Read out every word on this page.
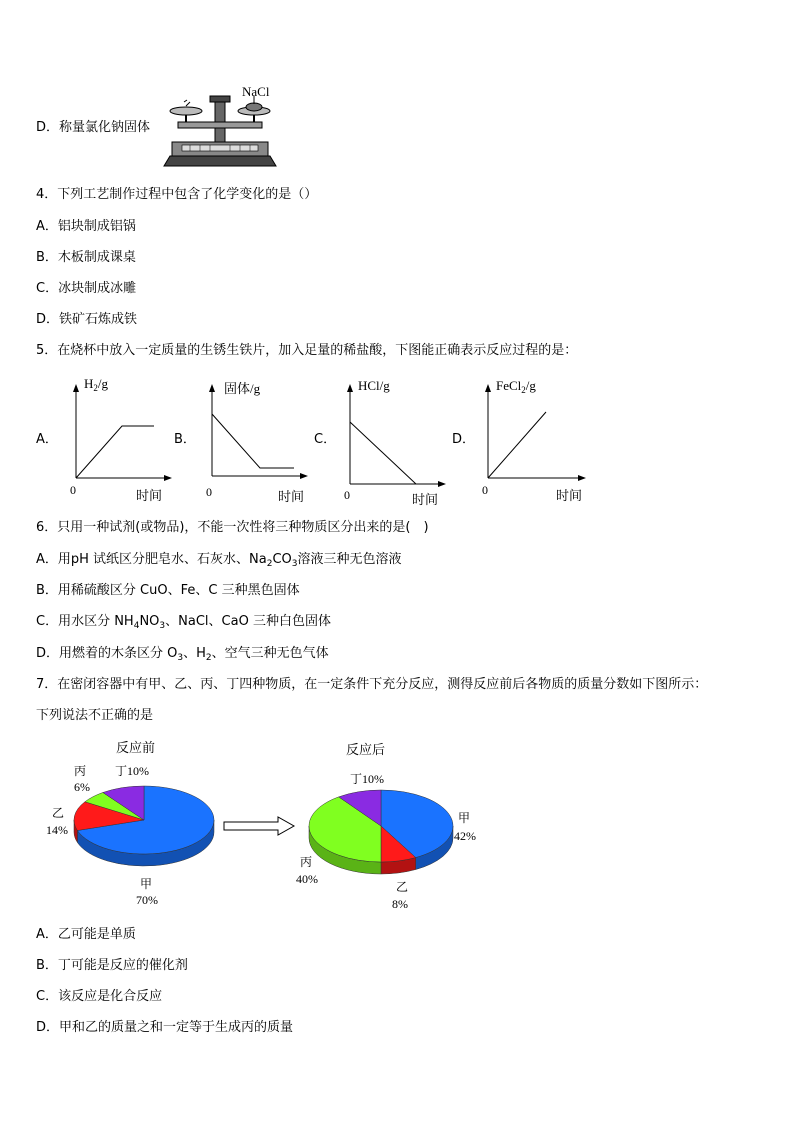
D．称量氯化钠固体
NaCl
4．下列工艺制作过程中包含了化学变化的是（）
A．铝块制成铝锅
B．木板制成课桌
C．冰块制成冰雕
D．铁矿石炼成铁
5．在烧杯中放入一定质量的生锈生铁片，加入足量的稀盐酸，下图能正确表示反应过程的是：
A．	B．	C．	D．
$H_2/g$
0	时间
固体/g
0	时间
HCl/g
0	时间
FeCl$_2$/g
0	时间
6．只用一种试剂(或物品)，不能一次性将三种物质区分出来的是(　)
A．用pH 试纸区分肥皂水、石灰水、$Na_2CO_3$溶液三种无色溶液
B．用稀硫酸区分 CuO、Fe、C 三种黑色固体
C．用水区分 $NH_4NO_3$、NaCl、CaO 三种白色固体
D．用燃着的木条区分 $O_3$、$H_2$、空气三种无色气体
7．在密闭容器中有甲、乙、丙、丁四种物质，在一定条件下充分反应，测得反应前后各物质的质量分数如下图所示：
下列说法不正确的是
反应前	反应后
丙
6%
丁10%
乙
14%
甲
70%
丁10%
甲
42%
丙
40%
乙
8%
A．乙可能是单质
B．丁可能是反应的催化剂
C．该反应是化合反应
D．甲和乙的质量之和一定等于生成丙的质量
